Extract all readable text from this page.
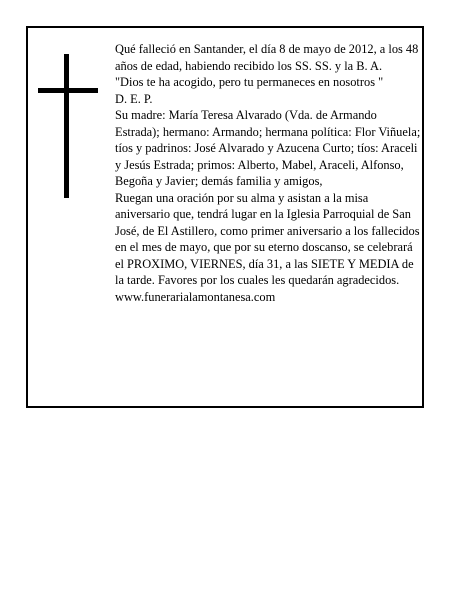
Qué falleció en Santander, el día 8 de mayo de 2012, a los 48 años de edad, habiendo recibido los SS. SS. y la B. A.

"Dios te ha acogido, pero tu permaneces en nosotros "

D. E. P.

Su madre: María Teresa Alvarado (Vda. de Armando Estrada); hermano: Armando; hermana política: Flor Viñuela; tíos y padrinos: José Alvarado y Azucena Curto; tíos: Araceli y Jesús Estrada; primos: Alberto, Mabel, Araceli, Alfonso, Begoña y Javier; demás familia y amigos,

Ruegan una oración por su alma y asistan a la misa aniversario que, tendrá lugar en la Iglesia Parroquial de San José, de El Astillero, como primer aniversario a los fallecidos en el mes de mayo, que por su eterno doscanso, se celebrará el PROXIMO, VIERNES, día 31, a las SIETE Y MEDIA de la tarde. Favores por los cuales les quedarán agradecidos.

www.funerarialamontanesa.com
